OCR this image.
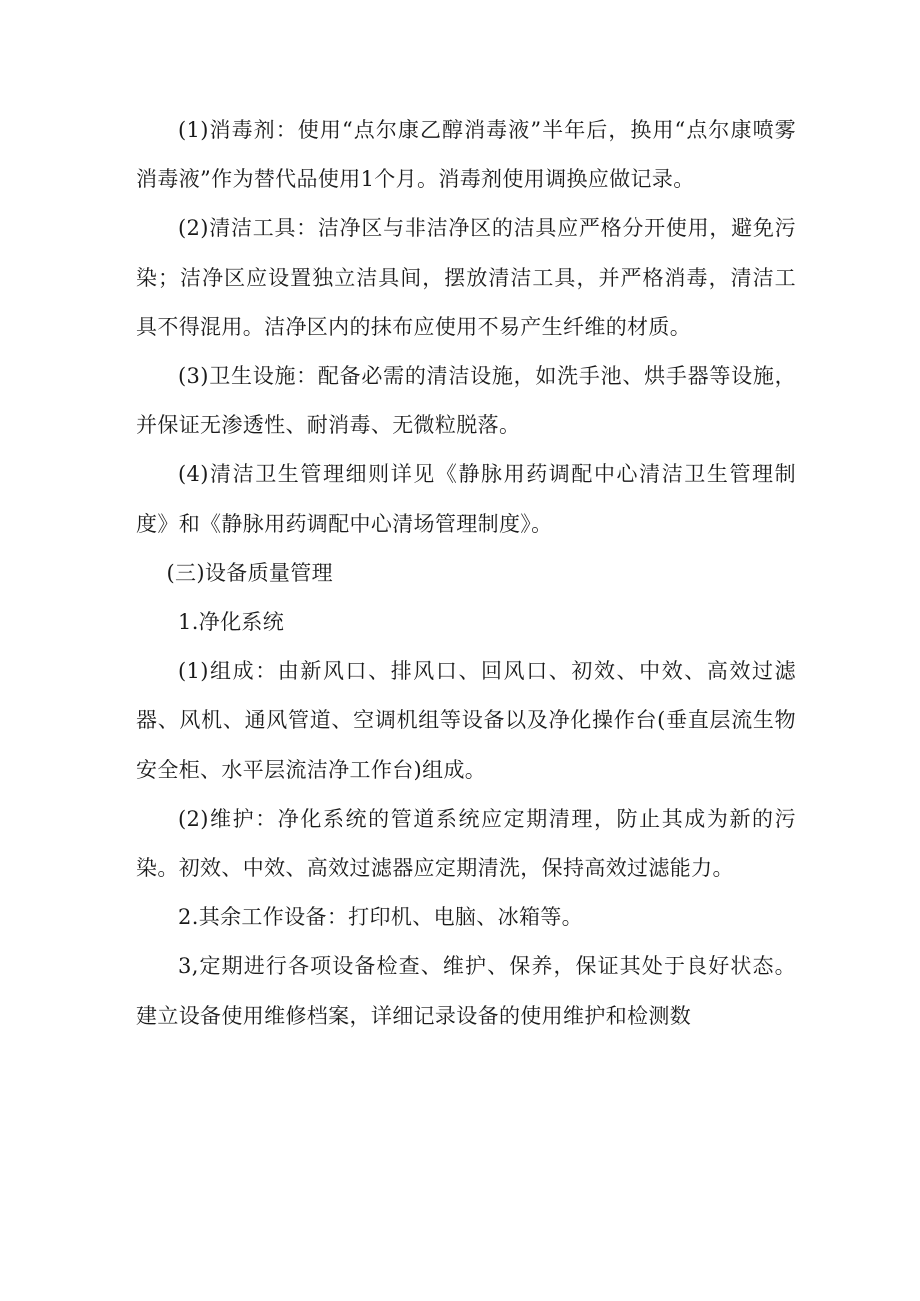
(1)消毒剂：使用“点尔康乙醇消毒液”半年后，换用“点尔康喷雾消毒液”作为替代品使用1个月。消毒剂使用调换应做记录。

(2)清洁工具：洁净区与非洁净区的洁具应严格分开使用，避免污染；洁净区应设置独立洁具间，摆放清洁工具，并严格消毒，清洁工具不得混用。洁净区内的抹布应使用不易产生纤维的材质。

(3)卫生设施：配备必需的清洁设施，如洗手池、烘手器等设施，并保证无渗透性、耐消毒、无微粒脱落。

(4)清洁卫生管理细则详见《静脉用药调配中心清洁卫生管理制度》和《静脉用药调配中心清场管理制度》。

(三)设备质量管理

1.净化系统

(1)组成：由新风口、排风口、回风口、初效、中效、高效过滤器、风机、通风管道、空调机组等设备以及净化操作台(垂直层流生物安全柜、水平层流洁净工作台)组成。

(2)维护：净化系统的管道系统应定期清理，防止其成为新的污染。初效、中效、高效过滤器应定期清洗，保持高效过滤能力。

2.其余工作设备：打印机、电脑、冰箱等。

3,定期进行各项设备检查、维护、保养，保证其处于良好状态。建立设备使用维修档案，详细记录设备的使用维护和检测数
